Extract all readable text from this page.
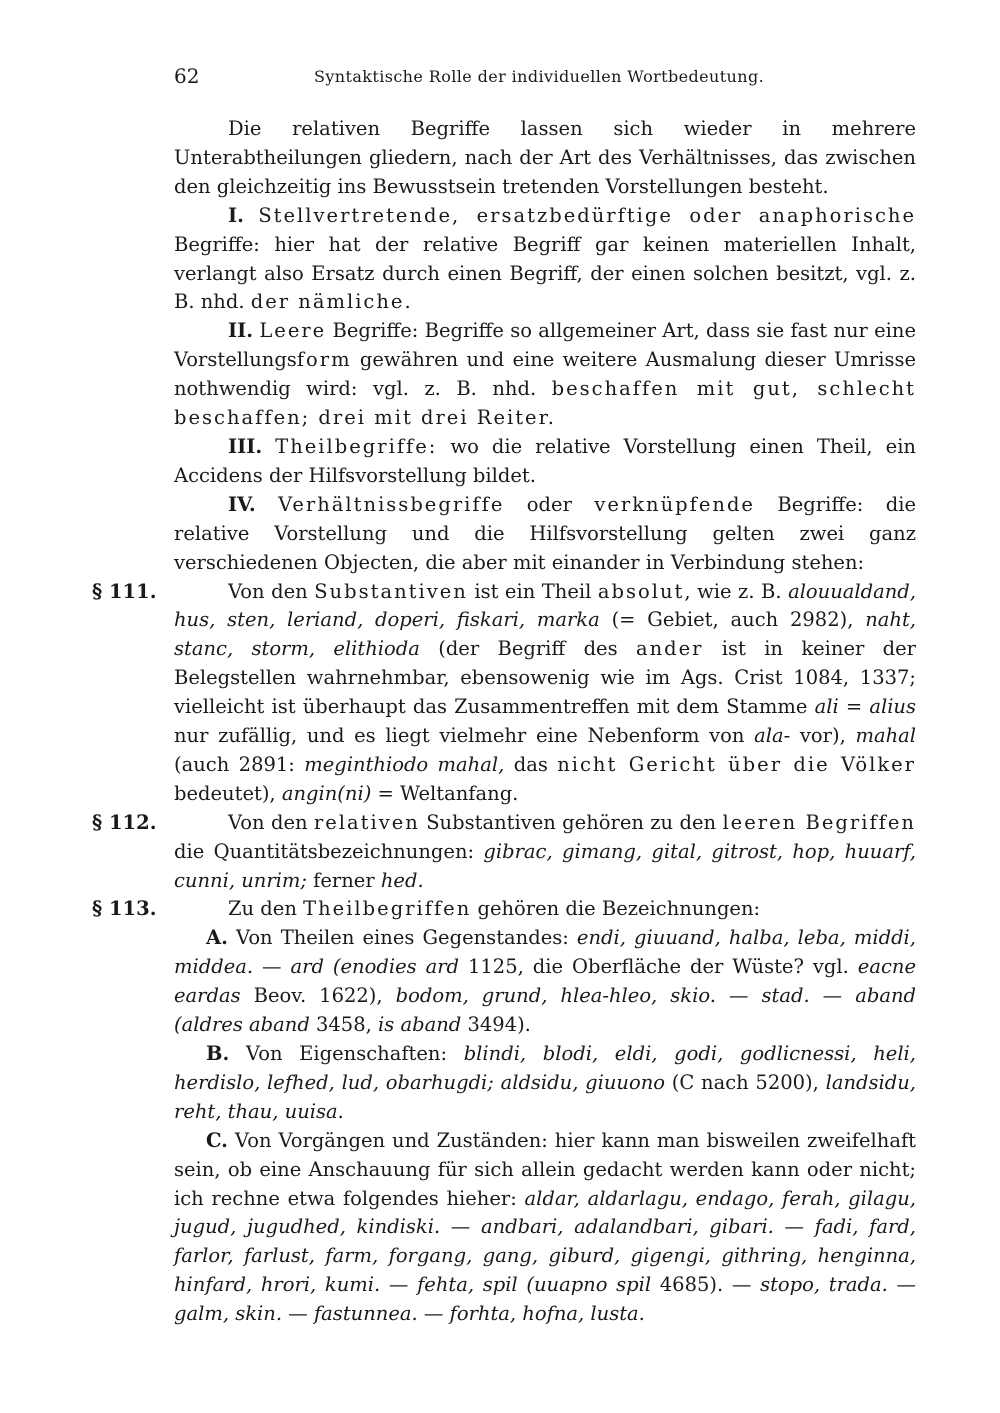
62	Syntaktische Rolle der individuellen Wortbedeutung.

Die relativen Begriffe lassen sich wieder in mehrere Unterabtheilungen gliedern, nach der Art des Verhältnisses, das zwischen den gleichzeitig ins Bewusstsein tretenden Vorstellungen besteht.

I. Stellvertretende, ersatzbedürftige oder anaphorische Begriffe: hier hat der relative Begriff gar keinen materiellen Inhalt, verlangt also Ersatz durch einen Begriff, der einen solchen besitzt, vgl. z. B. nhd. der nämliche.

II. Leere Begriffe: Begriffe so allgemeiner Art, dass sie fast nur eine Vorstellungsform gewähren und eine weitere Ausmalung dieser Umrisse nothwendig wird: vgl. z. B. nhd. beschaffen mit gut, schlecht beschaffen; drei mit drei Reiter.

III. Theilbegriffe: wo die relative Vorstellung einen Theil, ein Accidens der Hilfsvorstellung bildet.

IV. Verhältnissbegriffe oder verknüpfende Begriffe: die relative Vorstellung und die Hilfsvorstellung gelten zwei ganz verschiedenen Objecten, die aber mit einander in Verbindung stehen:

§ 111.	Von den Substantiven ist ein Theil absolut, wie z. B. alouualdand, hus, sten, leriand, doperi, fiskari, marka (= Gebiet, auch 2982), naht, stanc, storm, elithioda (der Begriff des ander ist in keiner der Belegstellen wahrnehmbar, ebensowenig wie im Ags. Crist 1084, 1337; vielleicht ist überhaupt das Zusammentreffen mit dem Stamme ali = alius nur zufällig, und es liegt vielmehr eine Nebenform von ala- vor), mahal (auch 2891: meginthiodo mahal, das nicht Gericht über die Völker bedeutet), angin(ni) = Weltanfang.

§ 112.	Von den relativen Substantiven gehören zu den leeren Begriffen die Quantitätsbezeichnungen: gibrac, gimang, gital, gitrost, hop, huuarf, cunni, unrim; ferner hed.

§ 113.	Zu den Theilbegriffen gehören die Bezeichnungen:

A. Von Theilen eines Gegenstandes: endi, giuuand, halba, leba, middi, middea. — ard (enodies ard 1125, die Oberfläche der Wüste? vgl. eacne eardas Beov. 1622), bodom, grund, hlea-hleo, skio. — stad. — aband (aldres aband 3458, is aband 3494).

B. Von Eigenschaften: blindi, blodi, eldi, godi, godlicnessi, heli, herdislo, lefhed, lud, obarhugdi; aldsidu, giuuono (C nach 5200), landsidu, reht, thau, uuisa.

C. Von Vorgängen und Zuständen: hier kann man bisweilen zweifelhaft sein, ob eine Anschauung für sich allein gedacht werden kann oder nicht; ich rechne etwa folgendes hieher: aldar, aldarlagu, endago, ferah, gilagu, jugud, jugudhed, kindiski. — andbari, adalandbari, gibari. — fadi, fard, farlor, farlust, farm, forgang, gang, giburd, gigengi, githring, henginna, hinfard, hrori, kumi. — fehta, spil (uuapno spil 4685). — stopo, trada. — galm, skin. — fastunnea. — forhta, hofna, lusta.
